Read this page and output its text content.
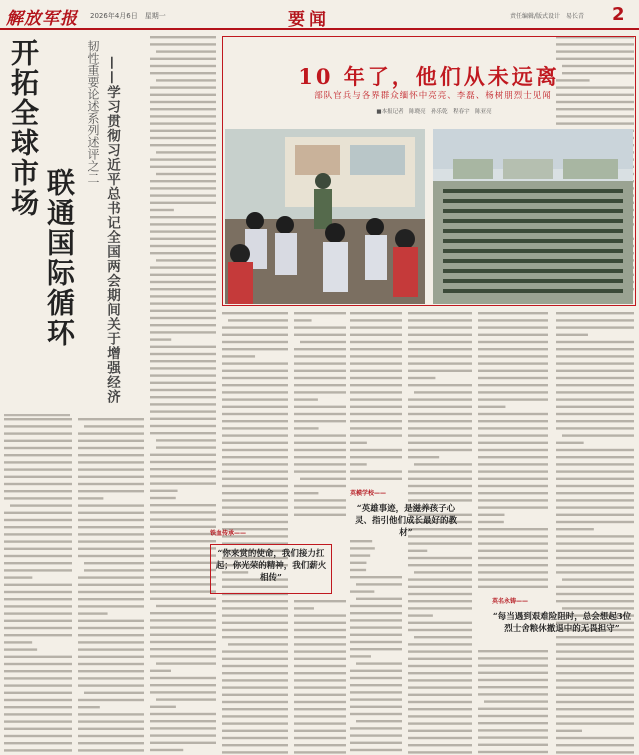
解放军报 2026年4月6日　星期一	要闻	责任编辑/版式设计　易长青 2
开拓全球市场
联通国际循环 ——学习贯彻习近平总书记全国两会期间关于增强经济
韧性重要论述系列述评之二

　	10 年了，他们从未远离
部队官兵与各界群众缅怀中亮亮、李磊、杨树朋烈士见闻
■本报记者　陈晓亮　孙乐乾　程春宇　陈亚亮
铁血传承——
“你来赏的使命，我们接力扛起；你光荣的精神，我们薪火相传”
英模学校——
“英雄事迹，是滋养孩子心灵、指引他们成长最好的教材”
英名永铸——
“每当遇到艰难险阻时，总会想起3位烈士舍粮休撤退中的无畏担守”
